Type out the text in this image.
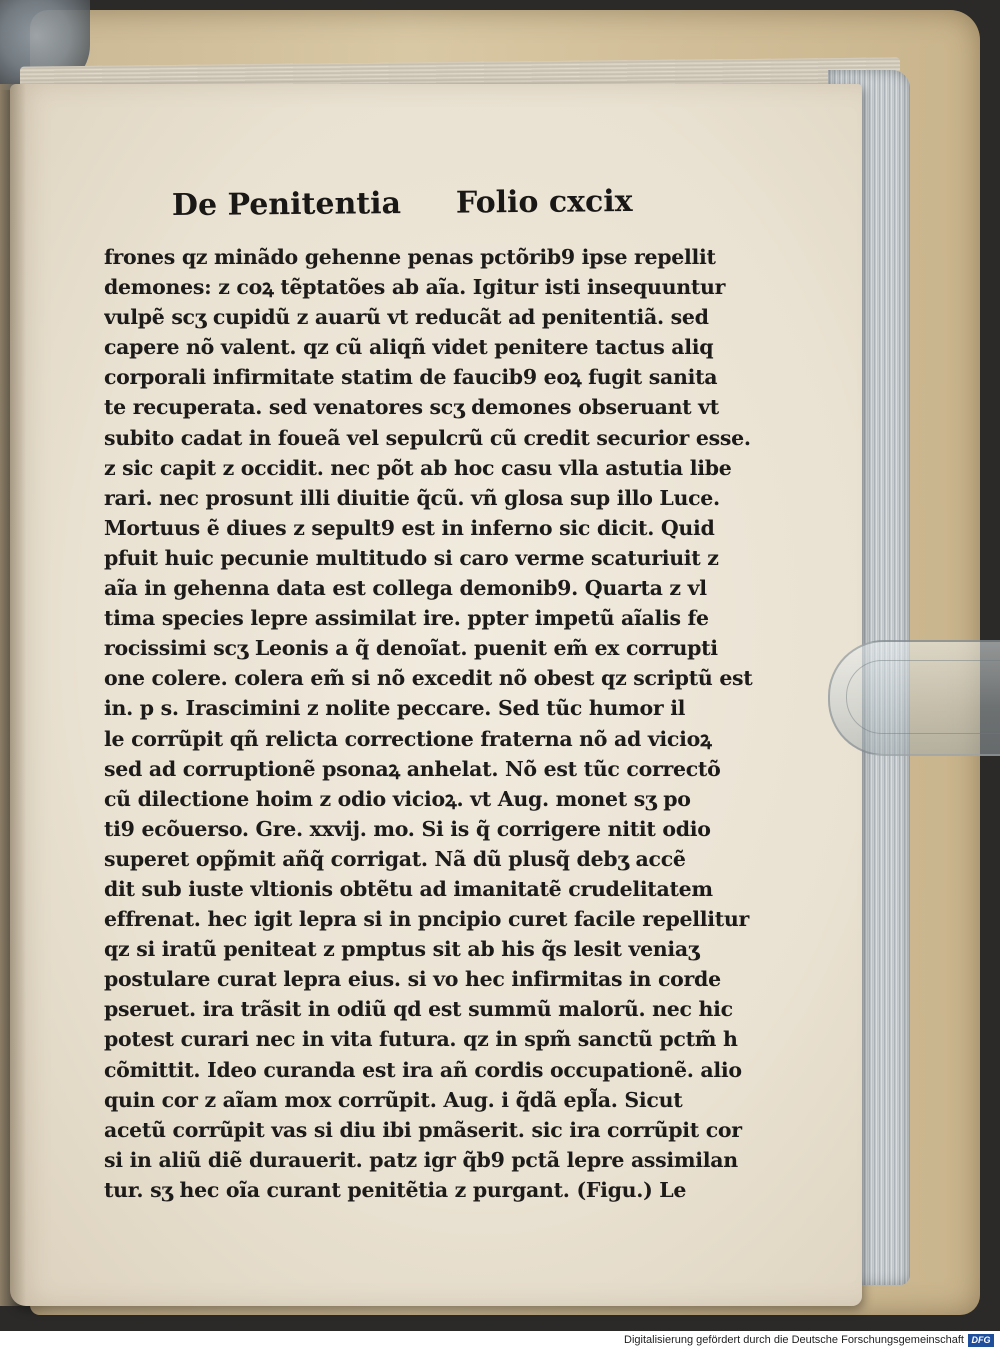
De Penitentia Folio cxcix
frones qz minãdo gehenne penas pctõrib9 ipse repellit
demones: z coꝝ tẽptatões ab aĩa. Igitur isti insequuntur
vulpẽ scʒ cupidũ z auarũ vt reducãt ad penitentiã. sed
capere nõ valent. qz cũ aliqñ videt penitere tactus aliq
corporali infirmitate statim de faucib9 eoꝝ fugit sanita
te recuperata. sed venatores scʒ demones obseruant vt
subito cadat in foueã vel sepulcrũ cũ credit securior esse.
z sic capit z occidit. nec põt ab hoc casu vlla astutia libe
rari. nec prosunt illi diuitie q̃cũ. vñ glosa sup illo Luce.
Mortuus ẽ diues z sepult9 est in inferno sic dicit. Quid
pfuit huic pecunie multitudo si caro verme scaturiuit z
aĩa in gehenna data est collega demonib9. Quarta z vl
tima species lepre assimilat ire. ppter impetũ aĩalis fe
rocissimi scʒ Leonis a q̃ denoĩat. puenit em̃ ex corrupti
one colere. colera em̃ si nõ excedit nõ obest qz scriptũ est
in. p s. Irascimini z nolite peccare. Sed tũc humor il
le corrũpit qñ relicta correctione fraterna nõ ad vicioꝝ
sed ad corruptionẽ psonaꝝ anhelat. Nõ est tũc correctõ
cũ dilectione hoim z odio vicioꝝ. vt Aug. monet sʒ po
ti9 ecõuerso. Gre. xxvij. mo. Si is q̃ corrigere nitit odio
superet opp̃mit añq̃ corrigat. Nã dũ plusq̃ debʒ accẽ
dit sub iuste vltionis obtẽtu ad imanitatẽ crudelitatem
effrenat. hec igit lepra si in pncipio curet facile repellitur
qz si iratũ peniteat z pmptus sit ab his q̃s lesit veniaʒ
postulare curat lepra eius. si vo hec infirmitas in corde
pseruet. ira trãsit in odiũ qd est summũ malorũ. nec hic
potest curari nec in vita futura. qz in spm̃ sanctũ pctm̃ h
cõmittit. Ideo curanda est ira añ cordis occupationẽ. alio
quin cor z aĩam mox corrũpit. Aug. i q̃dã epl̃a. Sicut
acetũ corrũpit vas si diu ibi pmãserit. sic ira corrũpit cor
si in aliũ diẽ durauerit. patz igr q̃b9 pctã lepre assimilan
tur. sʒ hec oĩa curant penitẽtia z purgant. (Figu.) Le
Digitalisierung gefördert durch die Deutsche Forschungsgemeinschaft DFG
